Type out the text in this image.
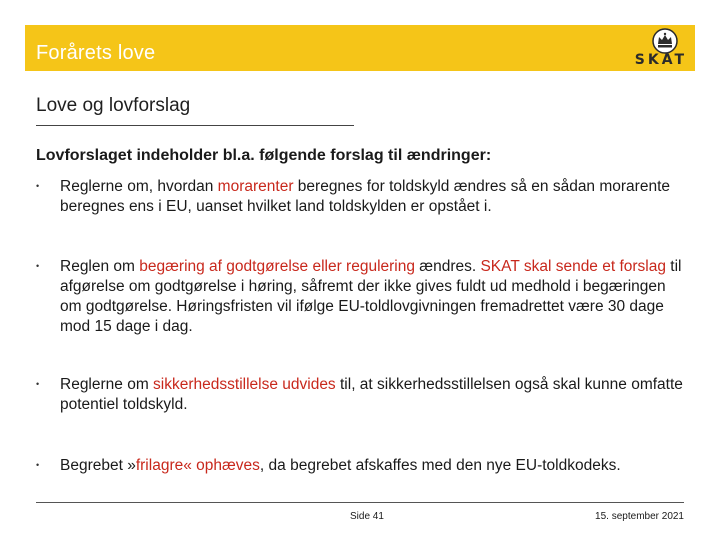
Forårets love	SKAT
Love og lovforslag
Lovforslaget indeholder bl.a. følgende forslag til ændringer:
• Reglerne om, hvordan morarenter beregnes for toldskyld ændres så en sådan morarente beregnes ens i EU, uanset hvilket land toldskylden er opstået i.
• Reglen om begæring af godtgørelse eller regulering ændres. SKAT skal sende et forslag til afgørelse om godtgørelse i høring, såfremt der ikke gives fuldt ud medhold i begæringen om godtgørelse. Høringsfristen vil ifølge EU-toldlovgivningen fremadrettet være 30 dage mod 15 dage i dag.
• Reglerne om sikkerhedsstillelse udvides til, at sikkerhedsstillelsen også skal kunne omfatte potentiel toldskyld.
• Begrebet »frilagre« ophæves, da begrebet afskaffes med den nye EU-toldkodeks.
Side 41	15. september 2021
